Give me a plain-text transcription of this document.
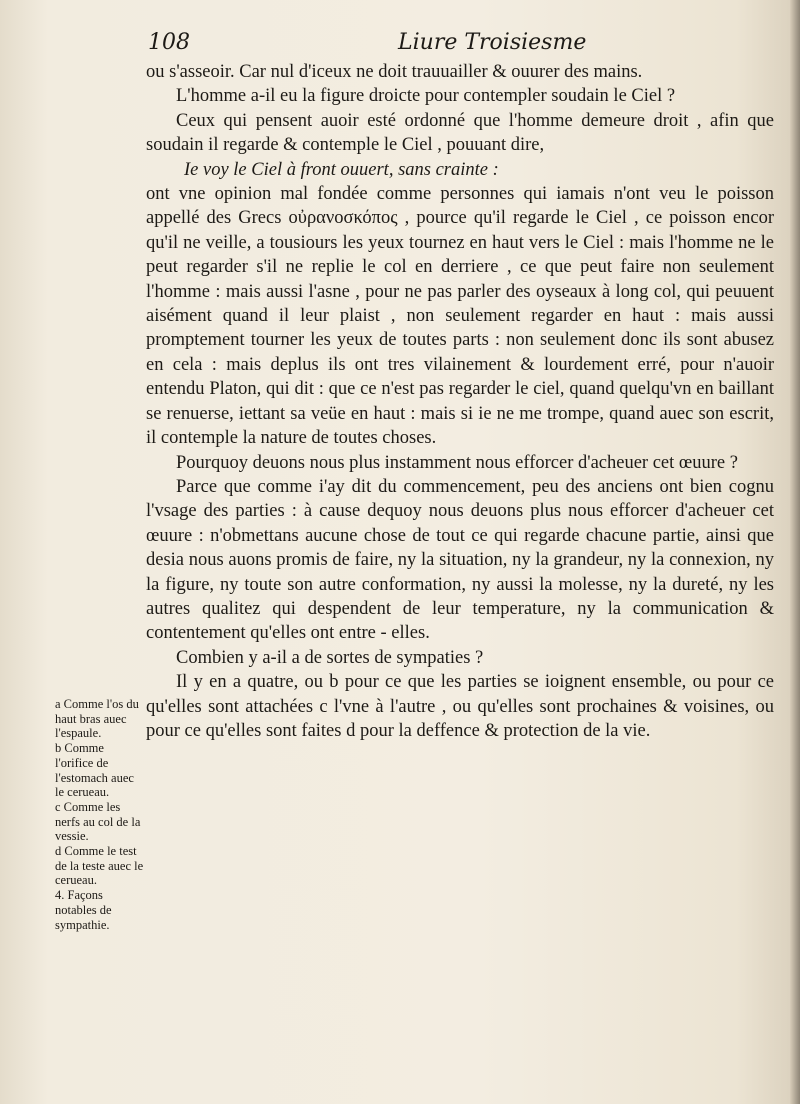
108	Liure Troisiesme

ou s'asseoir. Car nul d'iceux ne doit trauuailler & ouurer des mains.

L'homme a-il eu la figure droicte pour contempler soudain le Ciel ?

Ceux qui pensent auoir esté ordonné que l'homme demeure droit , afin que soudain il regarde & contemple le Ciel , pouuant dire,

Ie voy le Ciel à front ouuert, sans crainte :

ont vne opinion mal fondée comme personnes qui iamais n'ont veu le poisson appellé des Grecs οὐρανοσκόπος , pource qu'il regarde le Ciel , ce poisson encor qu'il ne veille, a tousiours les yeux tournez en haut vers le Ciel : mais l'homme ne le peut regarder s'il ne replie le col en derriere , ce que peut faire non seulement l'homme : mais aussi l'asne , pour ne pas parler des oyseaux à long col, qui peuuent aisément quand il leur plaist , non seulement regarder en haut : mais aussi promptement tourner les yeux de toutes parts : non seulement donc ils sont abusez en cela : mais deplus ils ont tres vilainement & lourdement erré, pour n'auoir entendu Platon, qui dit : que ce n'est pas regarder le ciel, quand quelqu'vn en baillant se renuerse, iettant sa veüe en haut : mais si ie ne me trompe, quand auec son escrit, il contemple la nature de toutes choses.

Pourquoy deuons nous plus instamment nous efforcer d'acheuer cet œuure ?

Parce que comme i'ay dit du commencement, peu des anciens ont bien cognu l'vsage des parties : à cause dequoy nous deuons plus nous efforcer d'acheuer cet œuure : n'obmettans aucune chose de tout ce qui regarde chacune partie, ainsi que desia nous auons promis de faire, ny la situation, ny la grandeur, ny la connexion, ny la figure, ny toute son autre conformation, ny aussi la molesse, ny la dureté, ny les autres qualitez qui despendent de leur temperature, ny la communication & contentement qu'elles ont entre - elles.

Combien y a-il a de sortes de sympaties ?

Il y en a quatre, ou b pour ce que les parties se ioignent ensemble, ou pour ce qu'elles sont attachées c l'vne à l'autre , ou qu'elles sont prochaines & voisines, ou pour ce qu'elles sont faites d pour la deffence & protection de la vie.

a Comme l'os du haut bras auec l'espaule.
b Comme l'orifice de l'estomach auec le cerueau.
c Comme les nerfs au col de la vessie.
d Comme le test de la teste auec le cerueau.
4. Façons notables de sympathie.
